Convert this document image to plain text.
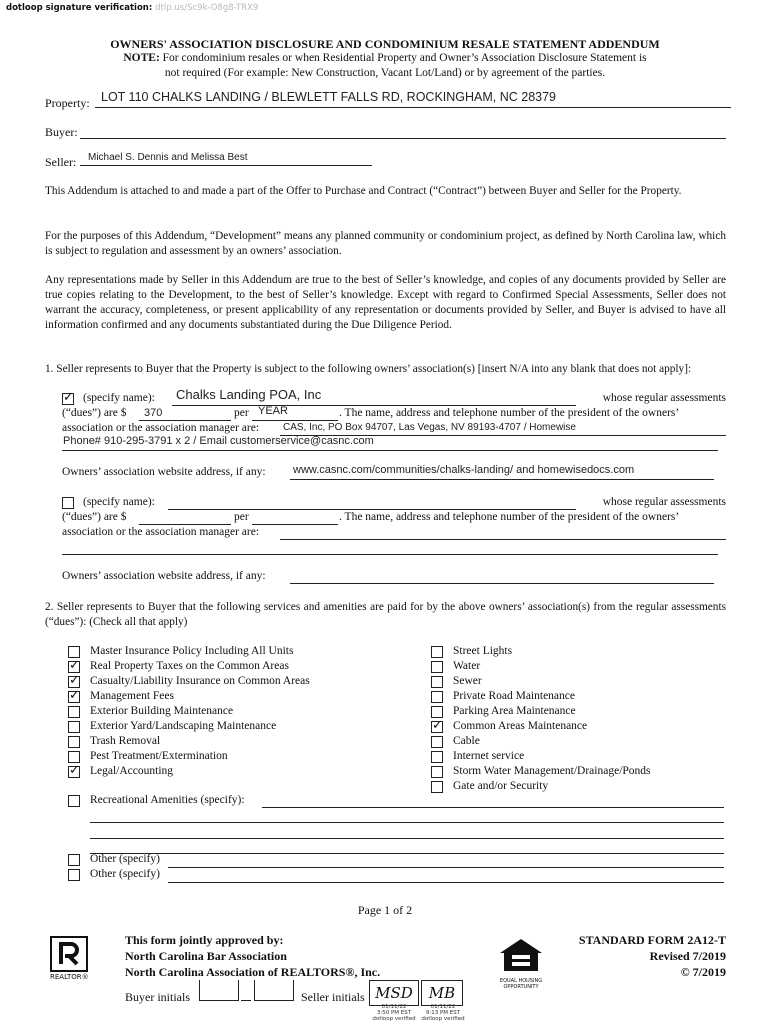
dotloop signature verification: dtlp.us/Sc9k-O8g8-TRX9
OWNERS' ASSOCIATION DISCLOSURE AND CONDOMINIUM RESALE STATEMENT ADDENDUM
NOTE: For condominium resales or when Residential Property and Owner’s Association Disclosure Statement is
not required (For example: New Construction, Vacant Lot/Land) or by agreement of the parties.
Property: LOT 110 CHALKS LANDING / BLEWLETT FALLS RD, ROCKINGHAM, NC 28379
Buyer:
Seller: Michael S. Dennis and Melissa Best
This Addendum is attached to and made a part of the Offer to Purchase and Contract (“Contract”) between Buyer and Seller for the Property.
For the purposes of this Addendum, “Development” means any planned community or condominium project, as defined by North Carolina law, which is subject to regulation and assessment by an owners’ association.
Any representations made by Seller in this Addendum are true to the best of Seller’s knowledge, and copies of any documents provided by Seller are true copies relating to the Development, to the best of Seller’s knowledge. Except with regard to Confirmed Special Assessments, Seller does not warrant the accuracy, completeness, or present applicability of any representation or documents provided by Seller, and Buyer is advised to have all information confirmed and any documents substantiated during the Due Diligence Period.
1. Seller represents to Buyer that the Property is subject to the following owners’ association(s) [insert N/A into any blank that does not apply]:
✓
(specify name): Chalks Landing POA, Inc	whose regular assessments
(“dues”) are $ 370	per YEAR	. The name, address and telephone number of the president of the owners’
association or the association manager are: CAS, Inc, PO Box 94707, Las Vegas, NV 89193-4707 / Homewise
Phone# 910-295-3791 x 2 / Email customerservice@casnc.com
Owners’ association website address, if any: www.casnc.com/communities/chalks-landing/ and homewisedocs.com
(specify name):	whose regular assessments
(“dues”) are $	per	. The name, address and telephone number of the president of the owners’
association or the association manager are:
Owners’ association website address, if any:
2. Seller represents to Buyer that the following services and amenities are paid for by the above owners’ association(s) from the regular assessments (“dues”): (Check all that apply)
Master Insurance Policy Including All Units
✓
Real Property Taxes on the Common Areas
✓
Casualty/Liability Insurance on Common Areas
✓
Management Fees
Exterior Building Maintenance
Exterior Yard/Landscaping Maintenance
Trash Removal
Pest Treatment/Extermination
✓
Legal/Accounting
Street Lights
Water
Sewer
Private Road Maintenance
Parking Area Maintenance
✓
Common Areas Maintenance
Cable
Internet service
Storm Water Management/Drainage/Ponds
Gate and/or Security
Recreational Amenities (specify):
Other (specify)
Other (specify)
Page 1 of 2
REALTOR®
This form jointly approved by:
North Carolina Bar Association
North Carolina Association of REALTORS®, Inc.
EQUAL HOUSING OPPORTUNITY
STANDARD FORM 2A12-T
Revised 7/2019
© 7/2019
Buyer initials	Seller initials MSD
01/11/22
3:50 PM EST
dotloop verified
MB
01/11/22
9:13 PM EST
dotloop verified
